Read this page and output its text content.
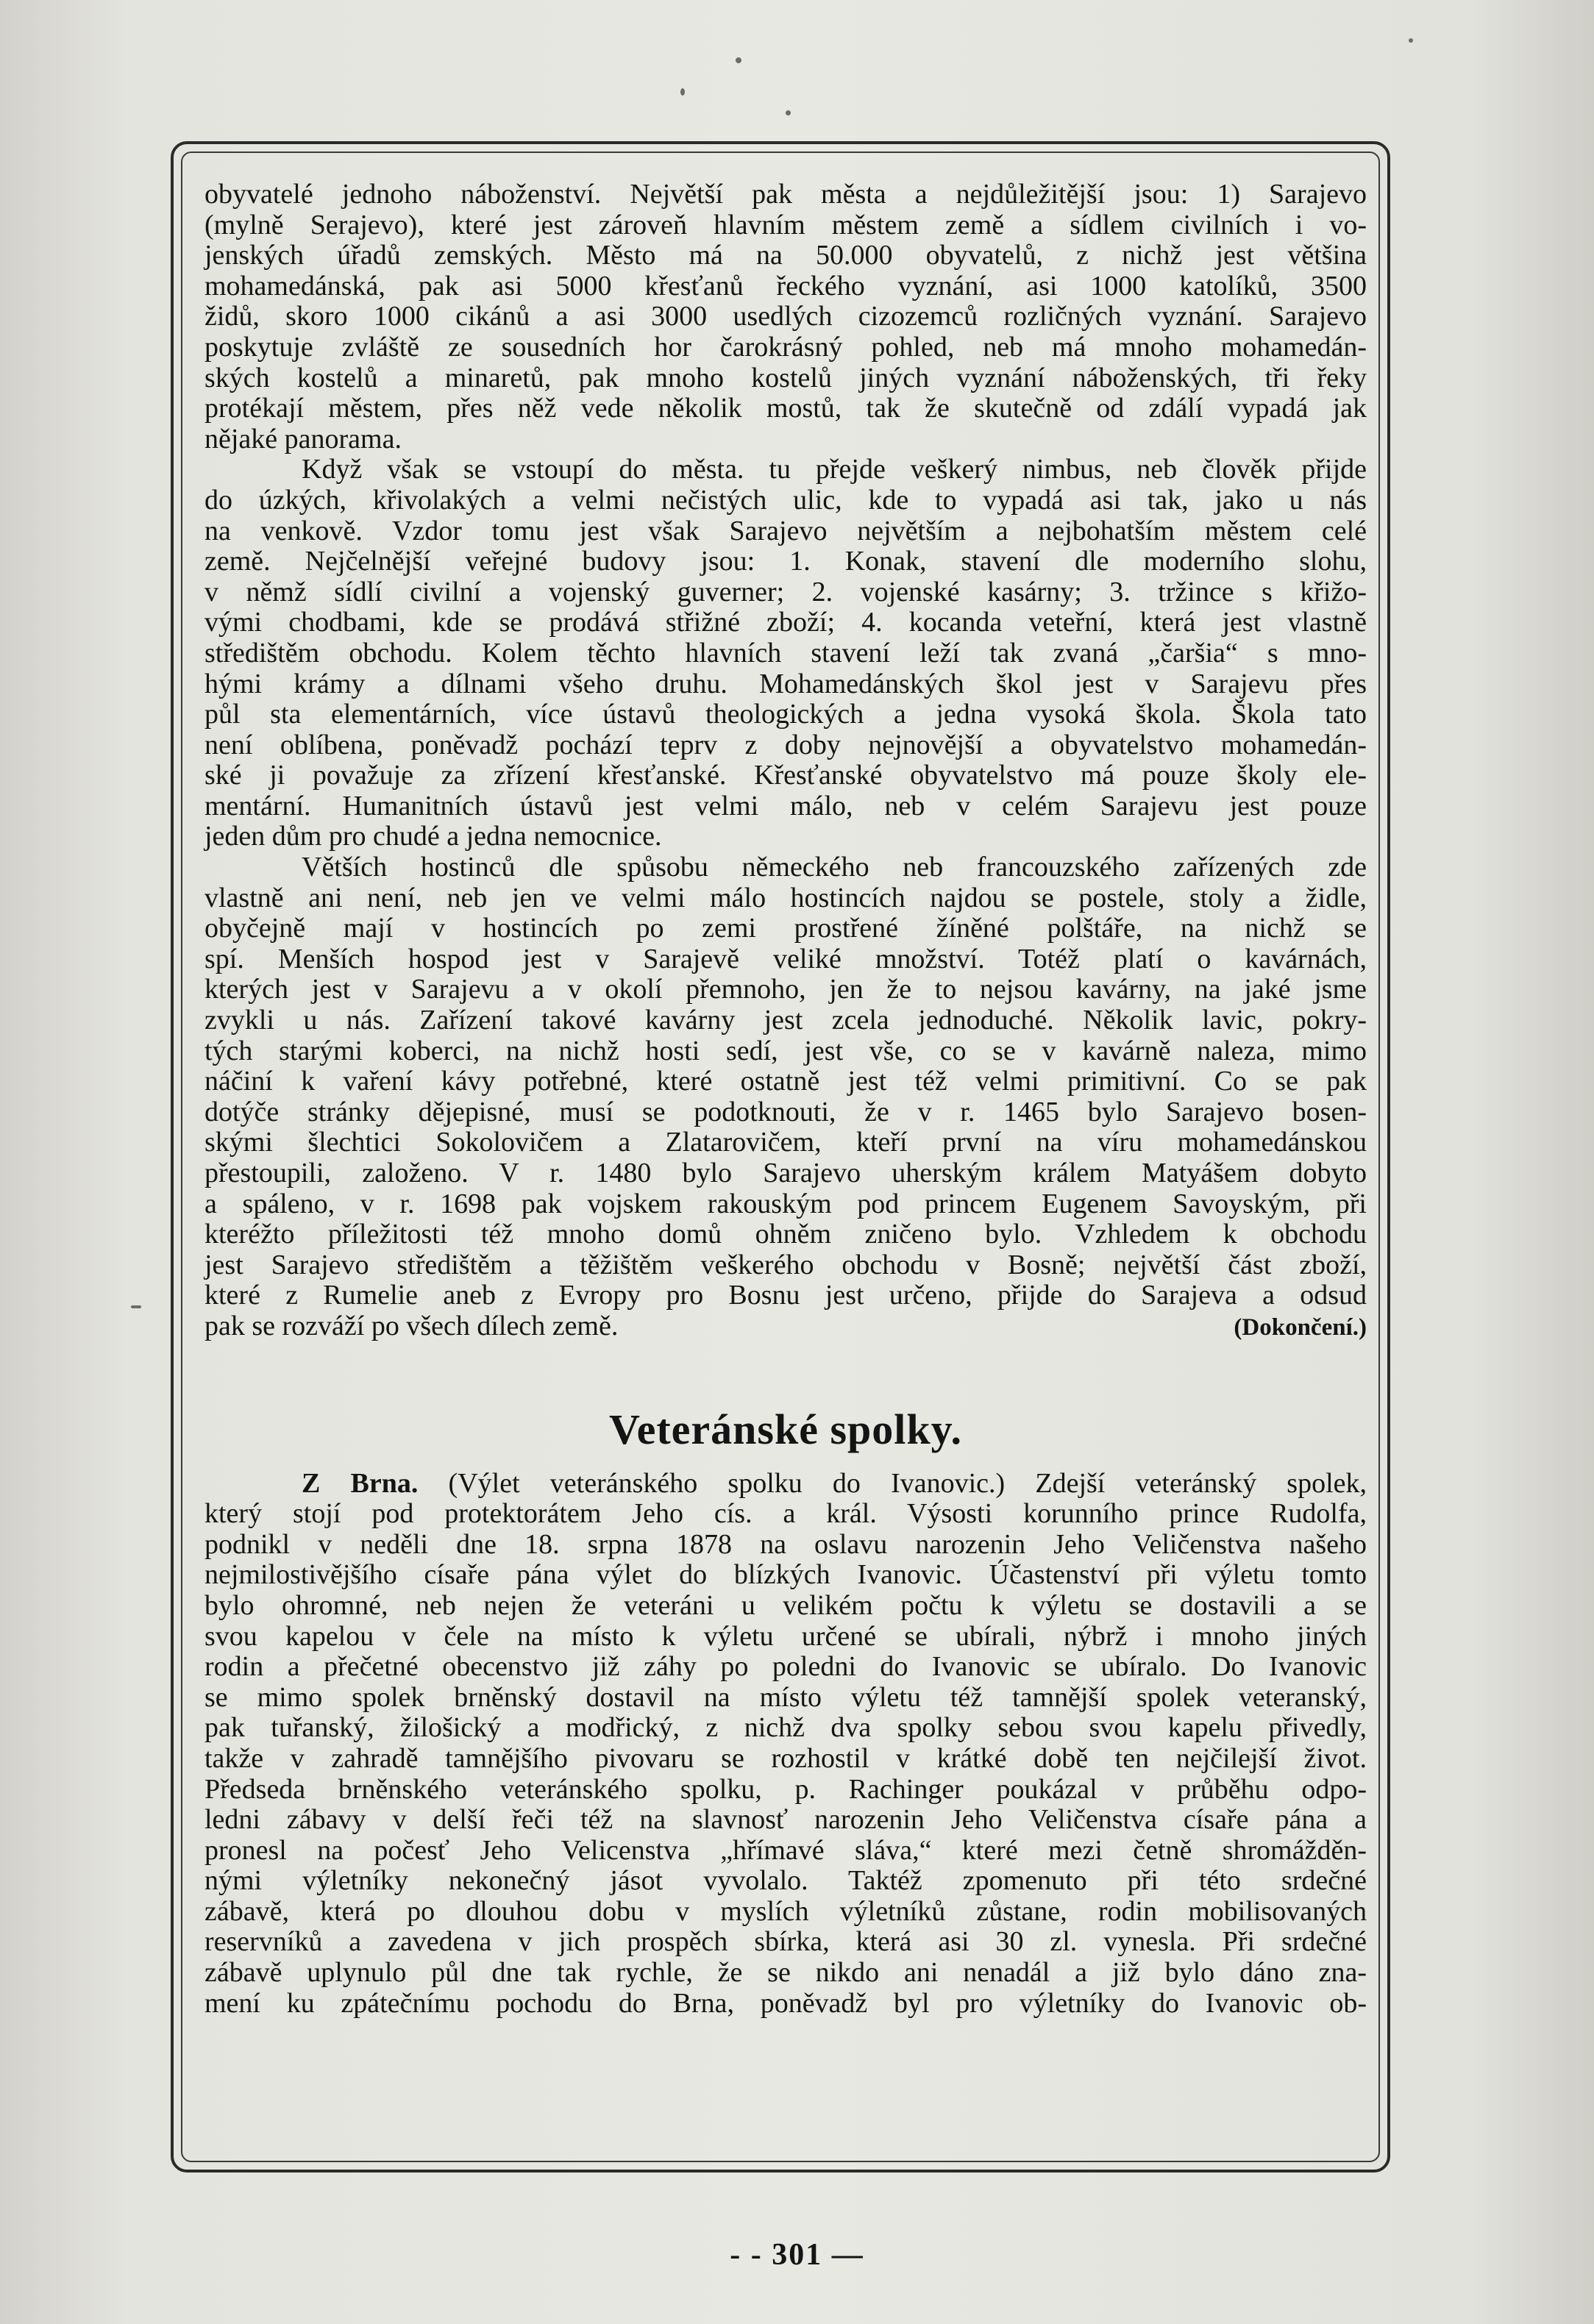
obyvatelé jednoho náboženství. Největší pak města a nejdůležitější jsou: 1) Sarajevo

(mylně Serajevo), které jest zároveň hlavním městem země a sídlem civilních i vo-

jenských úřadů zemských. Město má na 50.000 obyvatelů, z nichž jest většina

mohamedánská, pak asi 5000 křesťanů řeckého vyznání, asi 1000 katolíků, 3500

židů, skoro 1000 cikánů a asi 3000 usedlých cizozemců rozličných vyznání. Sarajevo

poskytuje zvláště ze sousedních hor čarokrásný pohled, neb má mnoho mohamedán-

ských kostelů a minaretů, pak mnoho kostelů jiných vyznání náboženských, tři řeky

protékají městem, přes něž vede několik mostů, tak že skutečně od zdálí vypadá jak

nějaké panorama.

Když však se vstoupí do města. tu přejde veškerý nimbus, neb člověk přijde

do úzkých, křivolakých a velmi nečistých ulic, kde to vypadá asi tak, jako u nás

na venkově. Vzdor tomu jest však Sarajevo největším a nejbohatším městem celé

země. Nejčelnější veřejné budovy jsou: 1. Konak, stavení dle moderního slohu,

v němž sídlí civilní a vojenský guverner; 2. vojenské kasárny; 3. tržince s křižo-

vými chodbami, kde se prodává střižné zboží; 4. kocanda veteřní, která jest vlastně

středištěm obchodu. Kolem těchto hlavních stavení leží tak zvaná „čaršia“ s mno-

hými krámy a dílnami všeho druhu. Mohamedánských škol jest v Sarajevu přes

půl sta elementárních, více ústavů theologických a jedna vysoká škola. Škola tato

není oblíbena, poněvadž pochází teprv z doby nejnovější a obyvatelstvo mohamedán-

ské ji považuje za zřízení křesťanské. Křesťanské obyvatelstvo má pouze školy ele-

mentární. Humanitních ústavů jest velmi málo, neb v celém Sarajevu jest pouze

jeden dům pro chudé a jedna nemocnice.

Větších hostinců dle spůsobu německého neb francouzského zařízených zde

vlastně ani není, neb jen ve velmi málo hostincích najdou se postele, stoly a židle,

obyčejně mají v hostincích po zemi prostřené žíněné polštáře, na nichž se

spí. Menších hospod jest v Sarajevě veliké množství. Totéž platí o kavárnách,

kterých jest v Sarajevu a v okolí přemnoho, jen že to nejsou kavárny, na jaké jsme

zvykli u nás. Zařízení takové kavárny jest zcela jednoduché. Několik lavic, pokry-

tých starými koberci, na nichž hosti sedí, jest vše, co se v kavárně naleza, mimo

náčiní k vaření kávy potřebné, které ostatně jest též velmi primitivní. Co se pak

dotýče stránky dějepisné, musí se podotknouti, že v r. 1465 bylo Sarajevo bosen-

skými šlechtici Sokolovičem a Zlatarovičem, kteří první na víru mohamedánskou

přestoupili, založeno. V r. 1480 bylo Sarajevo uherským králem Matyášem dobyto

a spáleno, v r. 1698 pak vojskem rakouským pod princem Eugenem Savoyským, při

kteréžto příležitosti též mnoho domů ohněm zničeno bylo. Vzhledem k obchodu

jest Sarajevo středištěm a těžištěm veškerého obchodu v Bosně; největší část zboží,

které z Rumelie aneb z Evropy pro Bosnu jest určeno, přijde do Sarajeva a odsud

pak se rozváží po všech dílech země.	(Dokončení.)
Veteránské spolky.

Z Brna. (Výlet veteránského spolku do Ivanovic.) Zdejší veteránský spolek,

který stojí pod protektorátem Jeho cís. a král. Výsosti korunního prince Rudolfa,

podnikl v neděli dne 18. srpna 1878 na oslavu narozenin Jeho Veličenstva našeho

nejmilostivějšího císaře pána výlet do blízkých Ivanovic. Účastenství při výletu tomto

bylo ohromné, neb nejen že veteráni u velikém počtu k výletu se dostavili a se

svou kapelou v čele na místo k výletu určené se ubírali, nýbrž i mnoho jiných

rodin a přečetné obecenstvo již záhy po poledni do Ivanovic se ubíralo. Do Ivanovic

se mimo spolek brněnský dostavil na místo výletu též tamnější spolek veteranský,

pak tuřanský, žilošický a modřický, z nichž dva spolky sebou svou kapelu přivedly,

takže v zahradě tamnějšího pivovaru se rozhostil v krátké době ten nejčilejší život.

Předseda brněnského veteránského spolku, p. Rachinger poukázal v průběhu odpo-

ledni zábavy v delší řeči též na slavnosť narozenin Jeho Veličenstva císaře pána a

pronesl na počesť Jeho Velicenstva „hřímavé sláva,“ které mezi četně shromážděn-

nými výletníky nekonečný jásot vyvolalo. Taktéž zpomenuto při této srdečné

zábavě, která po dlouhou dobu v myslích výletníků zůstane, rodin mobilisovaných

reservníků a zavedena v jich prospěch sbírka, která asi 30 zl. vynesla. Při srdečné

zábavě uplynulo půl dne tak rychle, že se nikdo ani nenadál a již bylo dáno zna-

mení ku zpátečnímu pochodu do Brna, poněvadž byl pro výletníky do Ivanovic ob-

- - 301 —
